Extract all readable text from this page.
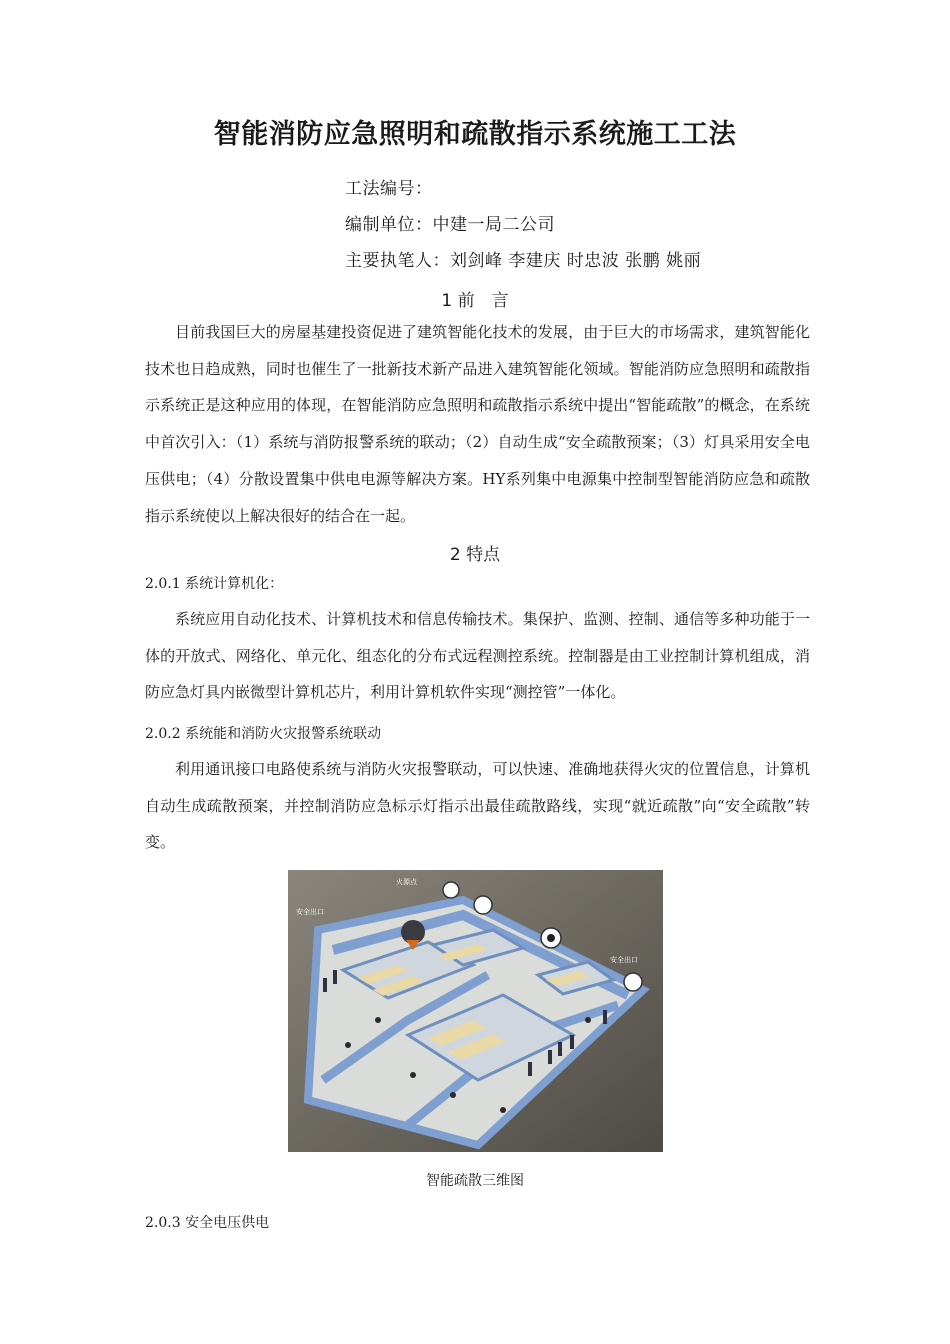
智能消防应急照明和疏散指示系统施工工法
工法编号：
编制单位：中建一局二公司
主要执笔人：刘剑峰 李建庆 时忠波 张鹏 姚丽
1 前　言

目前我国巨大的房屋基建投资促进了建筑智能化技术的发展，由于巨大的市场需求，建筑智能化技术也日趋成熟，同时也催生了一批新技术新产品进入建筑智能化领域。智能消防应急照明和疏散指示系统正是这种应用的体现，在智能消防应急照明和疏散指示系统中提出“智能疏散”的概念，在系统中首次引入：（1）系统与消防报警系统的联动；（2）自动生成“安全疏散预案；（3）灯具采用安全电压供电；（4）分散设置集中供电电源等解决方案。HY系列集中电源集中控制型智能消防应急和疏散指示系统使以上解决很好的结合在一起。

2 特点
2.0.1 系统计算机化：

系统应用自动化技术、计算机技术和信息传输技术。集保护、监测、控制、通信等多种功能于一体的开放式、网络化、单元化、组态化的分布式远程测控系统。控制器是由工业控制计算机组成，消防应急灯具内嵌微型计算机芯片，利用计算机软件实现“测控管”一体化。

2.0.2 系统能和消防火灾报警系统联动

利用通讯接口电路使系统与消防火灾报警联动，可以快速、准确地获得火灾的位置信息，计算机自动生成疏散预案，并控制消防应急标示灯指示出最佳疏散路线，实现“就近疏散”向“安全疏散”转变。

火源点
安全出口
安全出口
智能疏散三维图
2.0.3 安全电压供电
